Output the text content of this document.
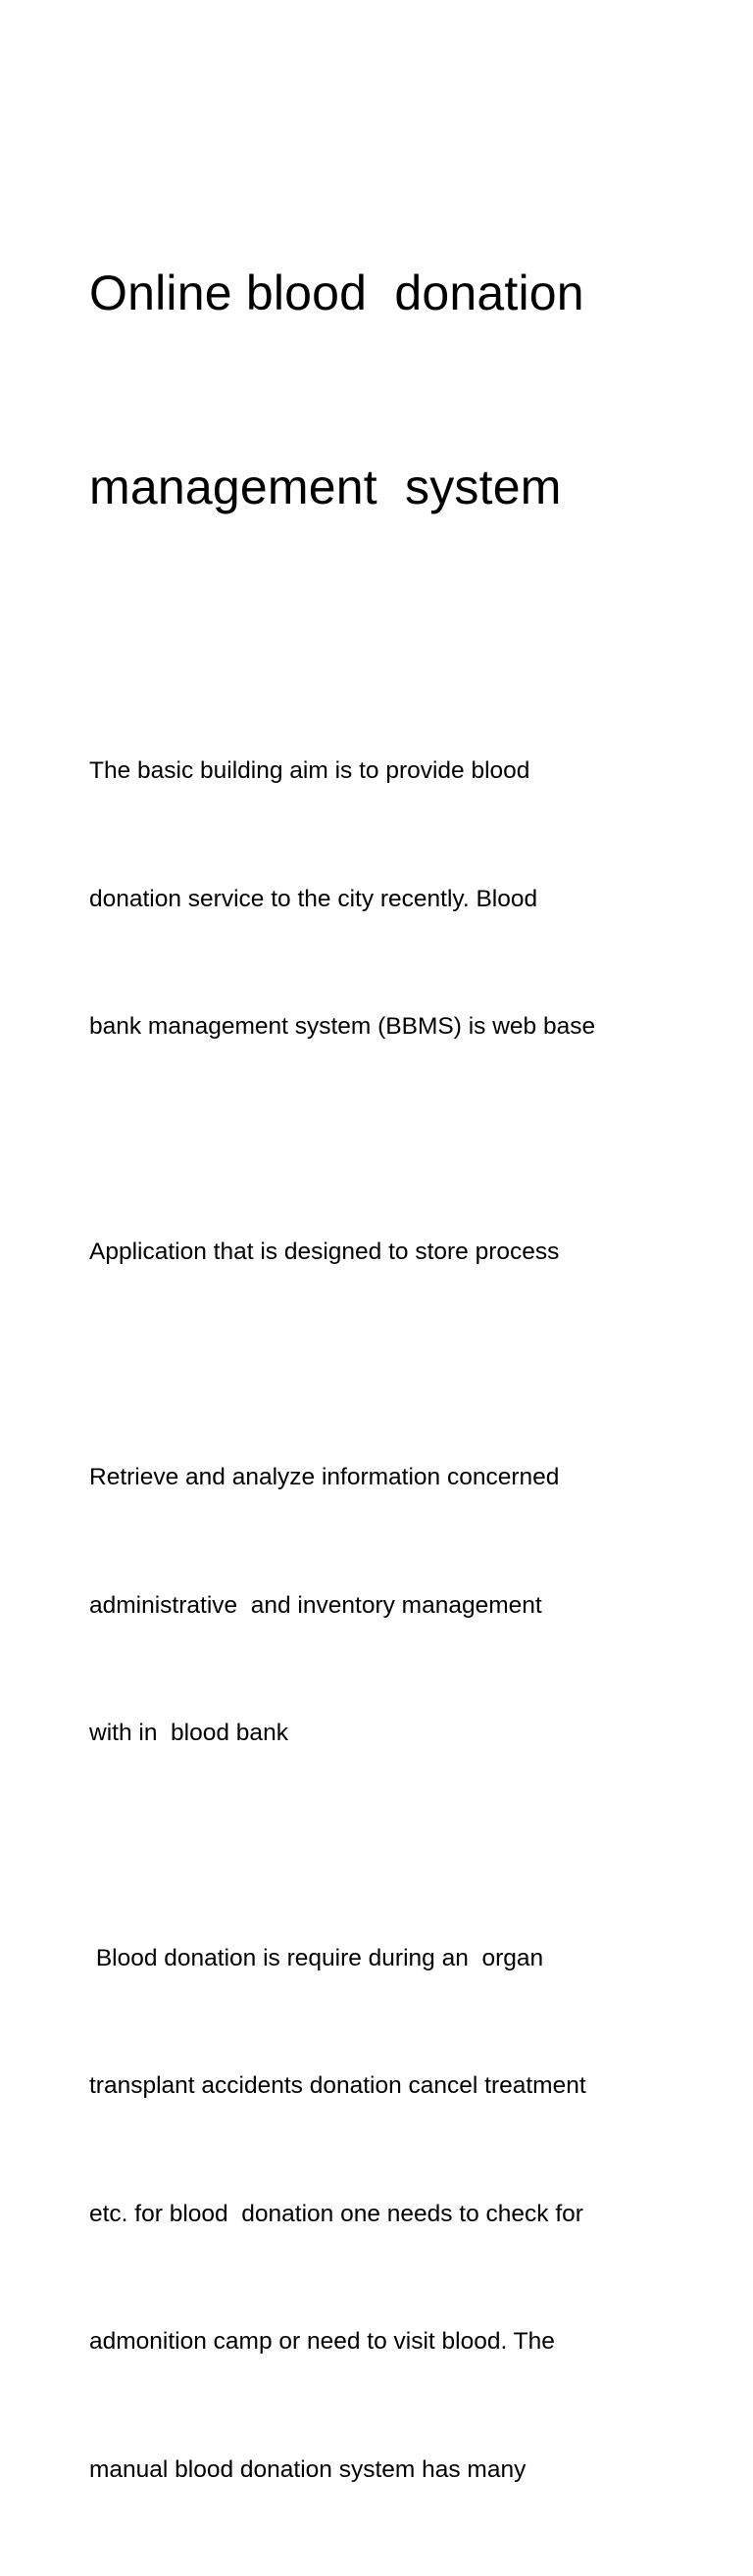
Online blood  donation

management  system

The basic building aim is to provide blood

donation service to the city recently. Blood

bank management system (BBMS) is web base

Application that is designed to store process

Retrieve and analyze information concerned

administrative  and inventory management

with in  blood bank

Blood donation is require during an  organ

transplant accidents donation cancel treatment

etc. for blood  donation one needs to check for

admonition camp or need to visit blood. The

manual blood donation system has many
